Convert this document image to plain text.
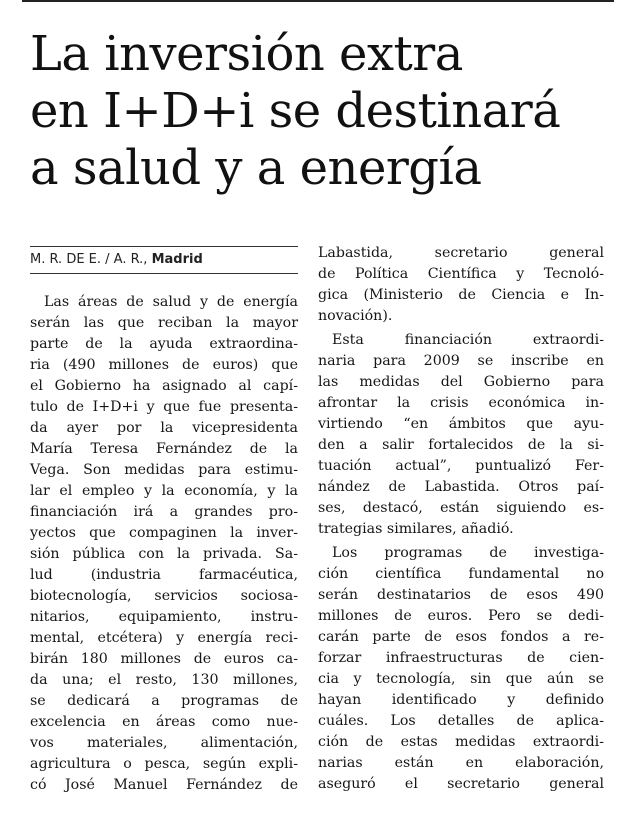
La inversión extra
en I+D+i se destinará
a salud y a energía
M. R. DE E. / A. R., Madrid

Las áreas de salud y de energía
serán las que reciban la mayor
parte de la ayuda extraordina-
ria (490 millones de euros) que
el Gobierno ha asignado al capí-
tulo de I+D+i y que fue presenta-
da ayer por la vicepresidenta
María Teresa Fernández de la
Vega. Son medidas para estimu-
lar el empleo y la economía, y la
financiación irá a grandes pro-
yectos que compaginen la inver-
sión pública con la privada. Sa-
lud (industria farmacéutica,
biotecnología, servicios sociosa-
nitarios, equipamiento, instru-
mental, etcétera) y energía reci-
birán 180 millones de euros ca-
da una; el resto, 130 millones,
se dedicará a programas de
excelencia en áreas como nue-
vos materiales, alimentación,
agricultura o pesca, según expli-
có José Manuel Fernández de

Labastida, secretario general
de Política Científica y Tecnoló-
gica (Ministerio de Ciencia e In-
novación).

Esta financiación extraordi-
naria para 2009 se inscribe en
las medidas del Gobierno para
afrontar la crisis económica in-
virtiendo “en ámbitos que ayu-
den a salir fortalecidos de la si-
tuación actual”, puntualizó Fer-
nández de Labastida. Otros paí-
ses, destacó, están siguiendo es-
trategias similares, añadió.

Los programas de investiga-
ción científica fundamental no
serán destinatarios de esos 490
millones de euros. Pero se dedi-
carán parte de esos fondos a re-
forzar infraestructuras de cien-
cia y tecnología, sin que aún se
hayan identificado y definido
cuáles. Los detalles de aplica-
ción de estas medidas extraordi-
narias están en elaboración,
aseguró el secretario general
